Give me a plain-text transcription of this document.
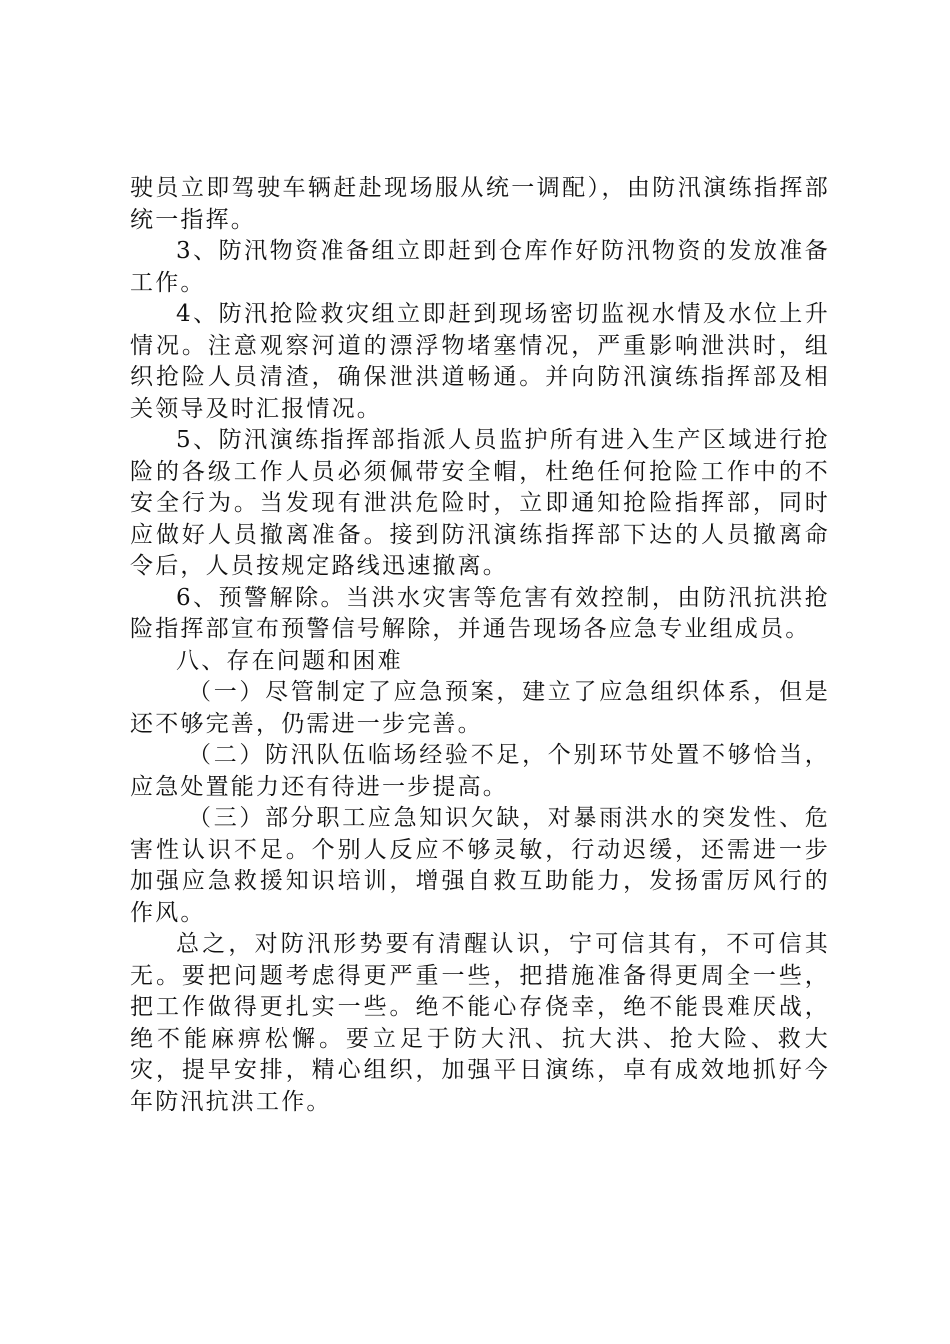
驶员立即驾驶车辆赶赴现场服从统一调配），由防汛演练指挥部统一指挥。

3、防汛物资准备组立即赶到仓库作好防汛物资的发放准备工作。

4、防汛抢险救灾组立即赶到现场密切监视水情及水位上升情况。注意观察河道的漂浮物堵塞情况，严重影响泄洪时，组织抢险人员清渣，确保泄洪道畅通。并向防汛演练指挥部及相关领导及时汇报情况。

5、防汛演练指挥部指派人员监护所有进入生产区域进行抢险的各级工作人员必须佩带安全帽，杜绝任何抢险工作中的不安全行为。当发现有泄洪危险时，立即通知抢险指挥部，同时应做好人员撤离准备。接到防汛演练指挥部下达的人员撤离命令后，人员按规定路线迅速撤离。

6、预警解除。当洪水灾害等危害有效控制，由防汛抗洪抢险指挥部宣布预警信号解除，并通告现场各应急专业组成员。

八、存在问题和困难

（一）尽管制定了应急预案，建立了应急组织体系，但是还不够完善，仍需进一步完善。

（二）防汛队伍临场经验不足，个别环节处置不够恰当，应急处置能力还有待进一步提高。

（三）部分职工应急知识欠缺，对暴雨洪水的突发性、危害性认识不足。个别人反应不够灵敏，行动迟缓，还需进一步加强应急救援知识培训，增强自救互助能力，发扬雷厉风行的作风。

总之，对防汛形势要有清醒认识，宁可信其有，不可信其无。要把问题考虑得更严重一些，把措施准备得更周全一些，把工作做得更扎实一些。绝不能心存侥幸，绝不能畏难厌战，绝不能麻痹松懈。要立足于防大汛、抗大洪、抢大险、救大灾，提早安排，精心组织，加强平日演练，卓有成效地抓好今年防汛抗洪工作。
